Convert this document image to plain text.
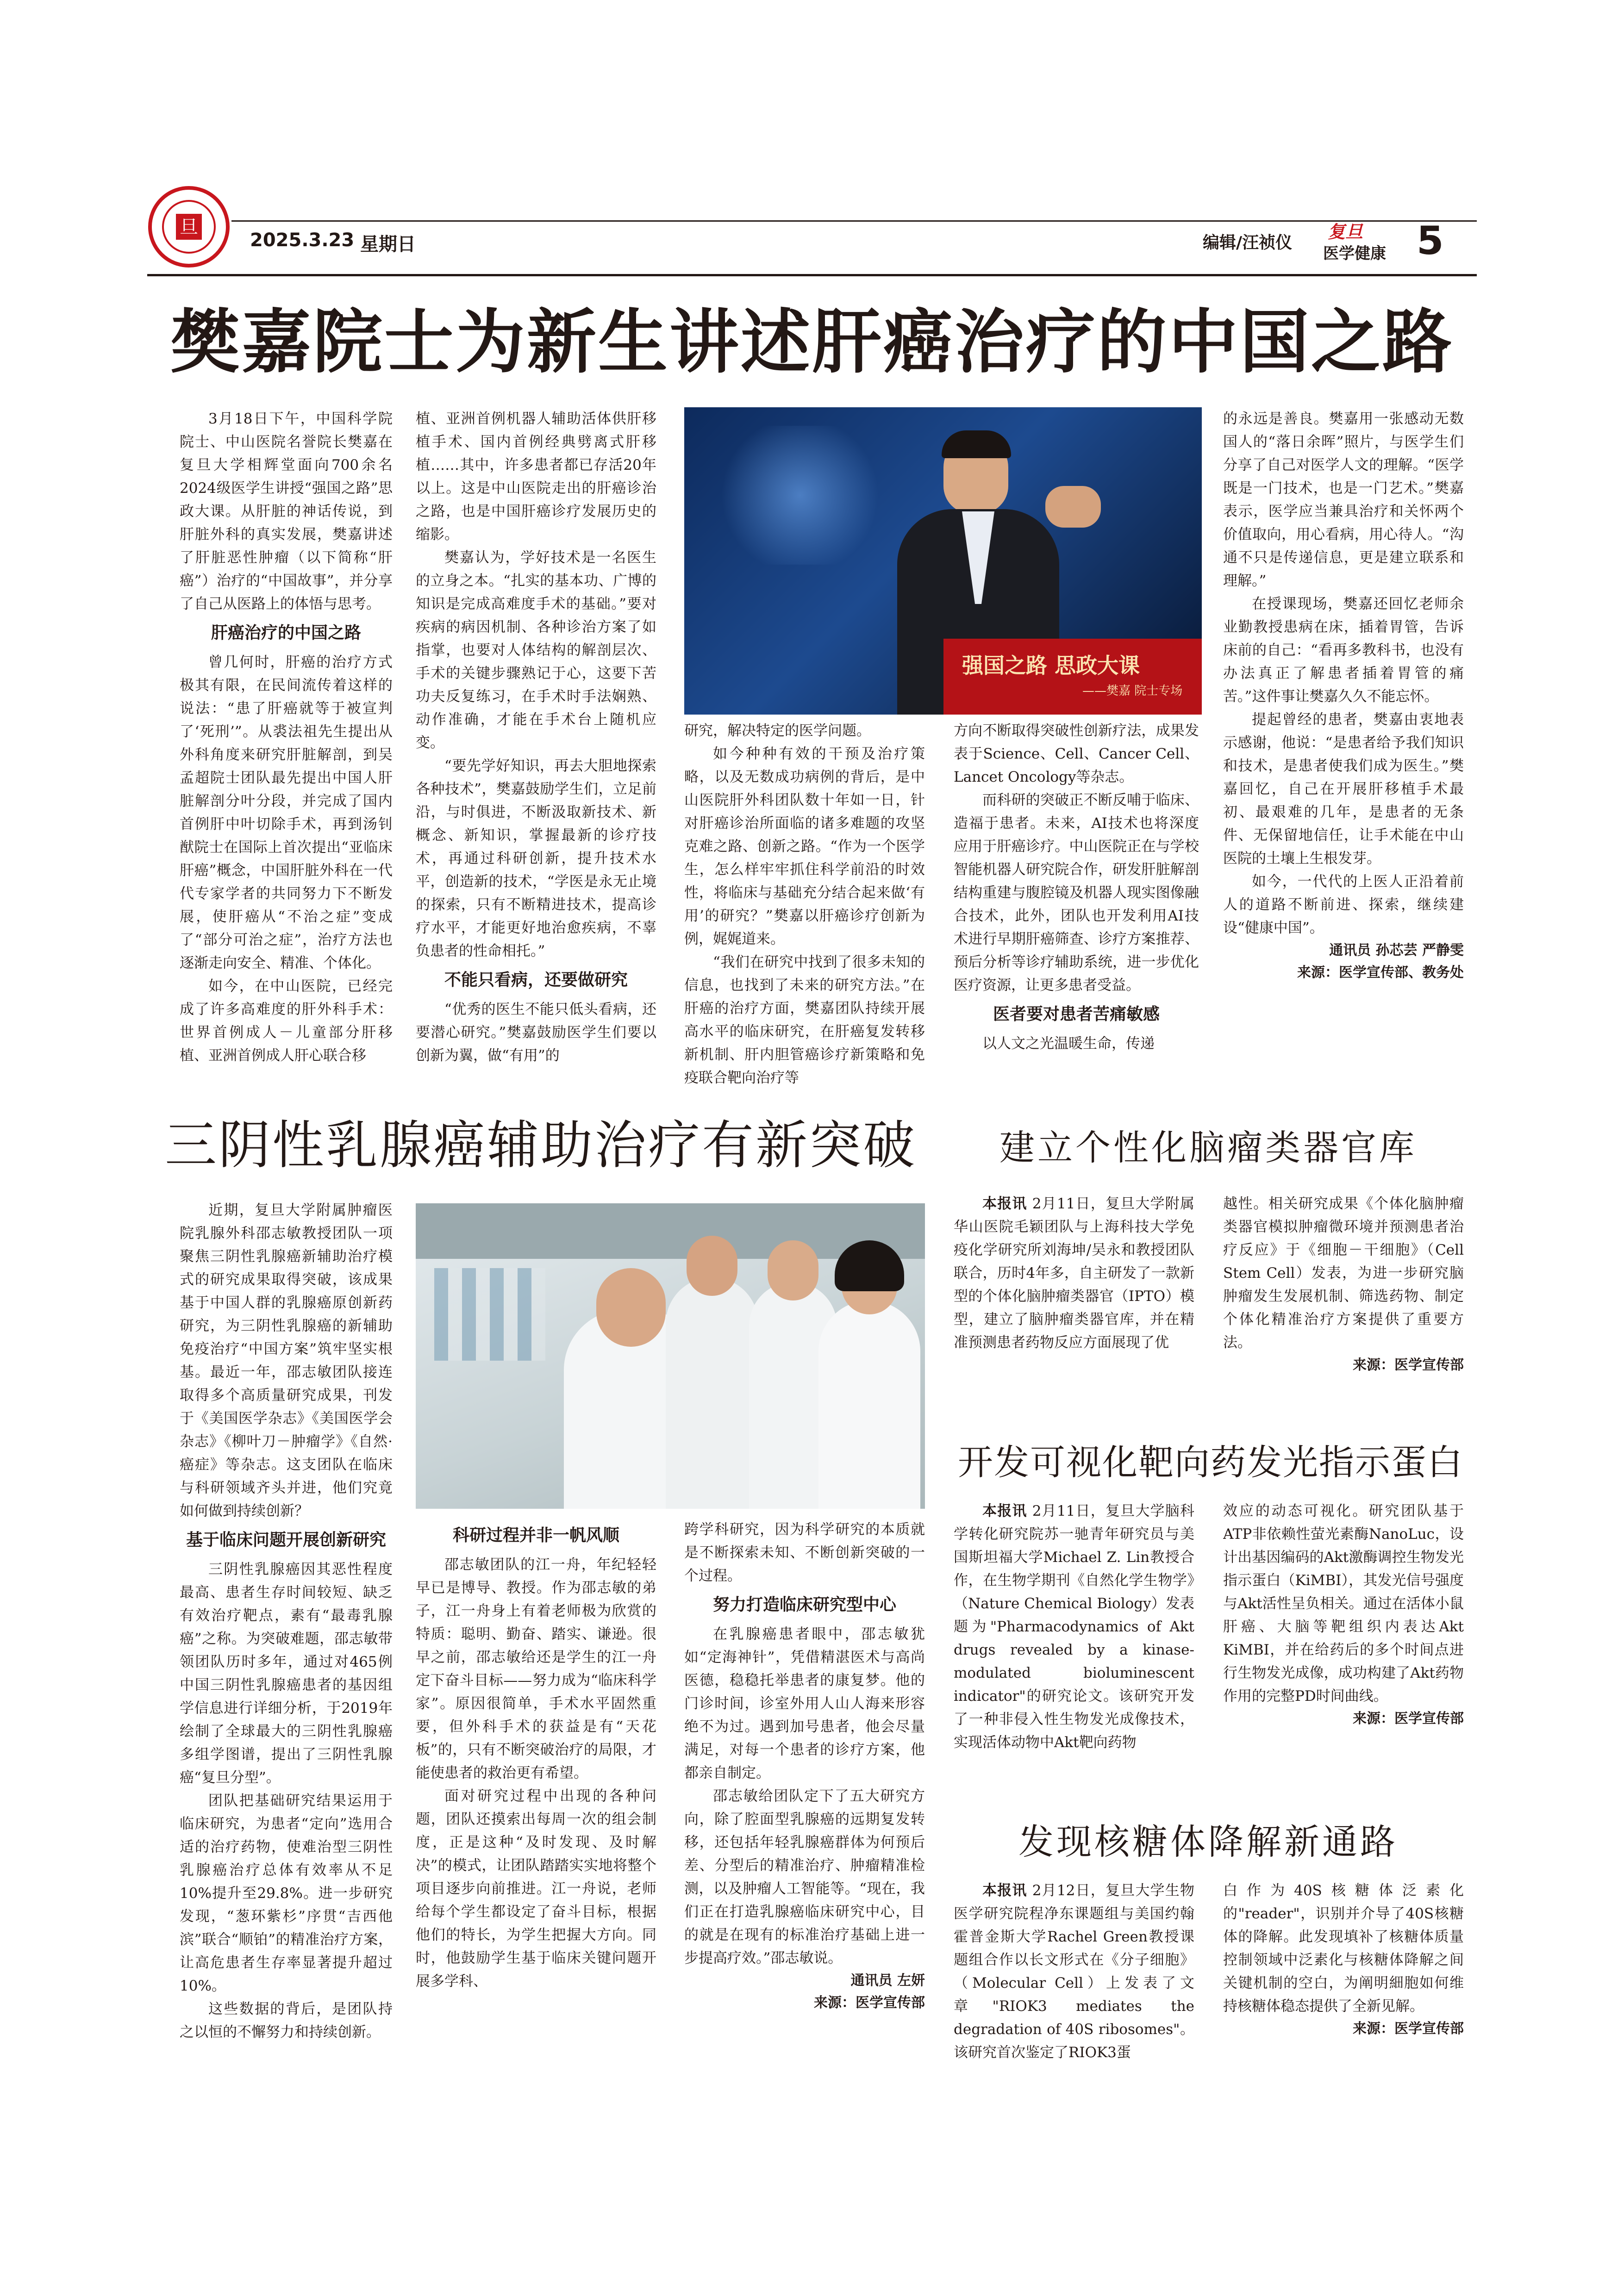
旦
2025.3.23 星期日	编辑/汪祯仪
复旦
医学健康 5
樊嘉院士为新生讲述肝癌治疗的中国之路

3月18日下午，中国科学院院士、中山医院名誉院长樊嘉在复旦大学相辉堂面向700余名2024级医学生讲授“强国之路”思政大课。从肝脏的神话传说，到肝脏外科的真实发展，樊嘉讲述了肝脏恶性肿瘤（以下简称“肝癌”）治疗的“中国故事”，并分享了自己从医路上的体悟与思考。

肝癌治疗的中国之路

曾几何时，肝癌的治疗方式极其有限，在民间流传着这样的说法：“患了肝癌就等于被宣判了‘死刑’”。从裘法祖先生提出从外科角度来研究肝脏解剖，到吴孟超院士团队最先提出中国人肝脏解剖分叶分段，并完成了国内首例肝中叶切除手术，再到汤钊猷院士在国际上首次提出“亚临床肝癌”概念，中国肝脏外科在一代代专家学者的共同努力下不断发展，使肝癌从“不治之症”变成了“部分可治之症”，治疗方法也逐渐走向安全、精准、个体化。

如今，在中山医院，已经完成了许多高难度的肝外科手术：世界首例成人－儿童部分肝移植、亚洲首例成人肝心联合移

植、亚洲首例机器人辅助活体供肝移植手术、国内首例经典劈离式肝移植……其中，许多患者都已存活20年以上。这是中山医院走出的肝癌诊治之路，也是中国肝癌诊疗发展历史的缩影。

樊嘉认为，学好技术是一名医生的立身之本。“扎实的基本功、广博的知识是完成高难度手术的基础。”要对疾病的病因机制、各种诊治方案了如指掌，也要对人体结构的解剖层次、手术的关键步骤熟记于心，这要下苦功夫反复练习，在手术时手法娴熟、动作准确，才能在手术台上随机应变。

“要先学好知识，再去大胆地探索各种技术”，樊嘉鼓励学生们，立足前沿，与时俱进，不断汲取新技术、新概念、新知识，掌握最新的诊疗技术，再通过科研创新，提升技术水平，创造新的技术，“学医是永无止境的探索，只有不断精进技术，提高诊疗水平，才能更好地治愈疾病，不辜负患者的性命相托。”

不能只看病，还要做研究

“优秀的医生不能只低头看病，还要潜心研究。”樊嘉鼓励医学生们要以创新为翼，做“有用”的

强国之路 思政大课
——樊嘉 院士专场

研究，解决特定的医学问题。

如今种种有效的干预及治疗策略，以及无数成功病例的背后，是中山医院肝外科团队数十年如一日，针对肝癌诊治所面临的诸多难题的攻坚克难之路、创新之路。“作为一个医学生，怎么样牢牢抓住科学前沿的时效性，将临床与基础充分结合起来做‘有用’的研究？”樊嘉以肝癌诊疗创新为例，娓娓道来。

“我们在研究中找到了很多未知的信息，也找到了未来的研究方法。”在肝癌的治疗方面，樊嘉团队持续开展高水平的临床研究，在肝癌复发转移新机制、肝内胆管癌诊疗新策略和免疫联合靶向治疗等

方向不断取得突破性创新疗法，成果发表于Science、Cell、Cancer Cell、Lancet Oncology等杂志。

而科研的突破正不断反哺于临床、造福于患者。未来，AI技术也将深度应用于肝癌诊疗。中山医院正在与学校智能机器人研究院合作，研发肝脏解剖结构重建与腹腔镜及机器人现实图像融合技术，此外，团队也开发利用AI技术进行早期肝癌筛查、诊疗方案推荐、预后分析等诊疗辅助系统，进一步优化医疗资源，让更多患者受益。

医者要对患者苦痛敏感

以人文之光温暖生命，传递

的永远是善良。樊嘉用一张感动无数国人的“落日余晖”照片，与医学生们分享了自己对医学人文的理解。“医学既是一门技术，也是一门艺术。”樊嘉表示，医学应当兼具治疗和关怀两个价值取向，用心看病，用心待人。“沟通不只是传递信息，更是建立联系和理解。”

在授课现场，樊嘉还回忆老师余业勤教授患病在床，插着胃管，告诉床前的自己：“看再多教科书，也没有办法真正了解患者插着胃管的痛苦。”这件事让樊嘉久久不能忘怀。

提起曾经的患者，樊嘉由衷地表示感谢，他说：“是患者给予我们知识和技术，是患者使我们成为医生。”樊嘉回忆，自己在开展肝移植手术最初、最艰难的几年，是患者的无条件、无保留地信任，让手术能在中山医院的土壤上生根发芽。

如今，一代代的上医人正沿着前人的道路不断前进、探索，继续建设“健康中国”。

通讯员 孙芯芸 严静雯
来源：医学宣传部、教务处
三阴性乳腺癌辅助治疗有新突破

近期，复旦大学附属肿瘤医院乳腺外科邵志敏教授团队一项聚焦三阴性乳腺癌新辅助治疗模式的研究成果取得突破，该成果基于中国人群的乳腺癌原创新药研究，为三阴性乳腺癌的新辅助免疫治疗“中国方案”筑牢坚实根基。最近一年，邵志敏团队接连取得多个高质量研究成果，刊发于《美国医学杂志》《美国医学会杂志》《柳叶刀－肿瘤学》《自然·癌症》等杂志。这支团队在临床与科研领域齐头并进，他们究竟如何做到持续创新？

基于临床问题开展创新研究

三阴性乳腺癌因其恶性程度最高、患者生存时间较短、缺乏有效治疗靶点，素有“最毒乳腺癌”之称。为突破难题，邵志敏带领团队历时多年，通过对465例中国三阴性乳腺癌患者的基因组学信息进行详细分析，于2019年绘制了全球最大的三阴性乳腺癌多组学图谱，提出了三阴性乳腺癌“复旦分型”。

团队把基础研究结果运用于临床研究，为患者“定向”选用合适的治疗药物，使难治型三阴性乳腺癌治疗总体有效率从不足10%提升至29.8%。进一步研究发现，“葱环紫杉”序贯“吉西他滨”联合“顺铂”的精准治疗方案，让高危患者生存率显著提升超过10%。

这些数据的背后，是团队持之以恒的不懈努力和持续创新。

科研过程并非一帆风顺

邵志敏团队的江一舟，年纪轻轻早已是博导、教授。作为邵志敏的弟子，江一舟身上有着老师极为欣赏的特质：聪明、勤奋、踏实、谦逊。很早之前，邵志敏给还是学生的江一舟定下奋斗目标——努力成为“临床科学家”。原因很简单，手术水平固然重要，但外科手术的获益是有“天花板”的，只有不断突破治疗的局限，才能使患者的救治更有希望。

面对研究过程中出现的各种问题，团队还摸索出每周一次的组会制度，正是这种“及时发现、及时解决”的模式，让团队踏踏实实地将整个项目逐步向前推进。江一舟说，老师给每个学生都设定了奋斗目标，根据他们的特长，为学生把握大方向。同时，他鼓励学生基于临床关键问题开展多学科、

跨学科研究，因为科学研究的本质就是不断探索未知、不断创新突破的一个过程。

努力打造临床研究型中心

在乳腺癌患者眼中，邵志敏犹如“定海神针”，凭借精湛医术与高尚医德，稳稳托举患者的康复梦。他的门诊时间，诊室外用人山人海来形容绝不为过。遇到加号患者，他会尽量满足，对每一个患者的诊疗方案，他都亲自制定。

邵志敏给团队定下了五大研究方向，除了腔面型乳腺癌的远期复发转移，还包括年轻乳腺癌群体为何预后差、分型后的精准治疗、肿瘤精准检测，以及肿瘤人工智能等。“现在，我们正在打造乳腺癌临床研究中心，目的就是在现有的标准治疗基础上进一步提高疗效。”邵志敏说。

通讯员 左妍
来源：医学宣传部
建立个性化脑瘤类器官库

本报讯 2月11日，复旦大学附属华山医院毛颖团队与上海科技大学免疫化学研究所刘海坤/吴永和教授团队联合，历时4年多，自主研发了一款新型的个体化脑肿瘤类器官（IPTO）模型，建立了脑肿瘤类器官库，并在精准预测患者药物反应方面展现了优

越性。相关研究成果《个体化脑肿瘤类器官模拟肿瘤微环境并预测患者治疗反应》于《细胞－干细胞》（Cell Stem Cell）发表，为进一步研究脑肿瘤发生发展机制、筛选药物、制定个体化精准治疗方案提供了重要方法。

来源：医学宣传部
开发可视化靶向药发光指示蛋白

本报讯 2月11日，复旦大学脑科学转化研究院苏一驰青年研究员与美国斯坦福大学Michael Z. Lin教授合作，在生物学期刊《自然化学生物学》（Nature Chemical Biology）发表题为"Pharmacodynamics of Akt drugs revealed by a kinase-modulated bioluminescent indicator"的研究论文。该研究开发了一种非侵入性生物发光成像技术，实现活体动物中Akt靶向药物

效应的动态可视化。研究团队基于ATP非依赖性萤光素酶NanoLuc，设计出基因编码的Akt激酶调控生物发光指示蛋白（KiMBI），其发光信号强度与Akt活性呈负相关。通过在活体小鼠肝癌、大脑等靶组织内表达Akt KiMBI，并在给药后的多个时间点进行生物发光成像，成功构建了Akt药物作用的完整PD时间曲线。

来源：医学宣传部
发现核糖体降解新通路

本报讯 2月12日，复旦大学生物医学研究院程净东课题组与美国约翰霍普金斯大学Rachel Green教授课题组合作以长文形式在《分子细胞》（Molecular Cell）上发表了文章"RIOK3 mediates the degradation of 40S ribosomes"。该研究首次鉴定了RIOK3蛋

白作为40S核糖体泛素化的"reader"，识别并介导了40S核糖体的降解。此发现填补了核糖体质量控制领域中泛素化与核糖体降解之间关键机制的空白，为阐明細胞如何维持核糖体稳态提供了全新见解。

来源：医学宣传部
